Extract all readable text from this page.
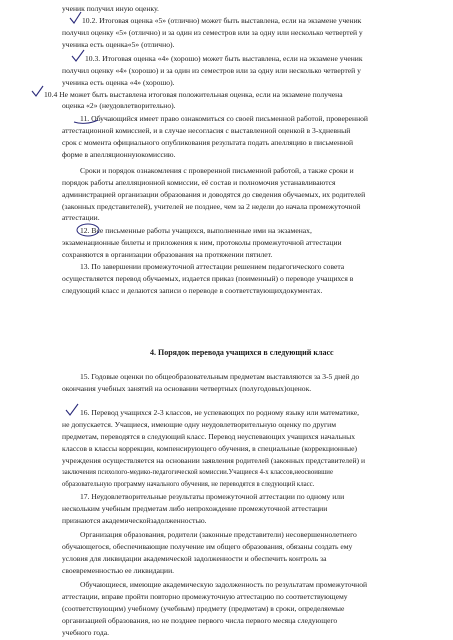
ученик получил иную оценку.
10.2. Итоговая оценка «5» (отлично) может быть выставлена, если на экзамене ученик
получил оценку «5» (отлично) и за один из семестров или за одну или несколько четвертей у
ученика есть оценка«5» (отлично).
10.3. Итоговая оценка «4» (хорошо) может быть выставлена, если на экзамене ученик
получил оценку «4» (хорошо) и за один из семестров или за одну или несколько четвертей у
ученика есть оценка «4» (хорошо).
10.4 Не может быть выставлена итоговая положительная оценка, если на экзамене получена
оценка «2» (неудовлетворительно).
11. Обучающийся имеет право ознакомиться со своей письменной работой, проверенной
аттестационной комиссией, и в случае несогласия с выставленной оценкой в 3-хдневный
срок с момента официального опубликования результата подать апелляцию в письменной
форме в апелляционнуюкомиссию.
Сроки и порядок ознакомления с проверенной письменной работой, а также сроки и
порядок работы апелляционной комиссии, её состав и полномочия устанавливаются
администрацией организации образования и доводятся до сведения обучаемых, их родителей
(законных представителей), учителей не позднее, чем за 2 недели до начала промежуточной
аттестации.
12. Все письменные работы учащихся, выполненные ими на экзаменах,
экзаменационные билеты и приложения к ним, протоколы промежуточной аттестации
сохраняются в организации образования на протяжении пятилет.
13. По завершении промежуточной аттестации решением педагогического совета
осуществляется перевод обучаемых, издается приказ (поименный) о переводе учащихся в
следующий класс и делаются записи о переводе в соответствующихдокументах.
4. Порядок перевода учащихся в следующий класс
15. Годовые оценки по общеобразовательным предметам выставляются за 3-5 дней до
окончания учебных занятий на основании четвертных (полугодовых)оценок.
16. Перевод учащихся 2-3 классов, не успевающих по родному языку или математике,
не допускается. Учащиеся, имеющие одну неудовлетворительную оценку по другим
предметам, переводятся в следующий класс. Перевод неуспевающих учащихся начальных
классов в классы коррекции, компенсирующего обучения, в специальные (коррекционные)
учреждения осуществляется на основании заявления родителей (законных представителей) и
заключения психолого-медико-педагогической комиссии.Учащиеся 4-х классов,неосвоившие
образовательную программу начального обучения, не переводятся в следующий класс.
17. Неудовлетворительные результаты промежуточной аттестации по одному или
нескольким учебным предметам либо непрохождение промежуточной аттестации
признаются академическойзадолженностью.
Организация образования, родители (законные представители) несовершеннолетнего
обучающегося, обеспечивающие получение им общего образования, обязаны создать ему
условия для ликвидации академической задолженности и обеспечить контроль за
своевременностью ее ликвидации.
Обучающиеся, имеющие академическую задолженность по результатам промежуточной
аттестации, вправе пройти повторно промежуточную аттестацию по соответствующему
(соответствующим) учебному (учебным) предмету (предметам) в сроки, определяемые
организацией образования, но не позднее первого числа первого месяца следующего
учебного года.
